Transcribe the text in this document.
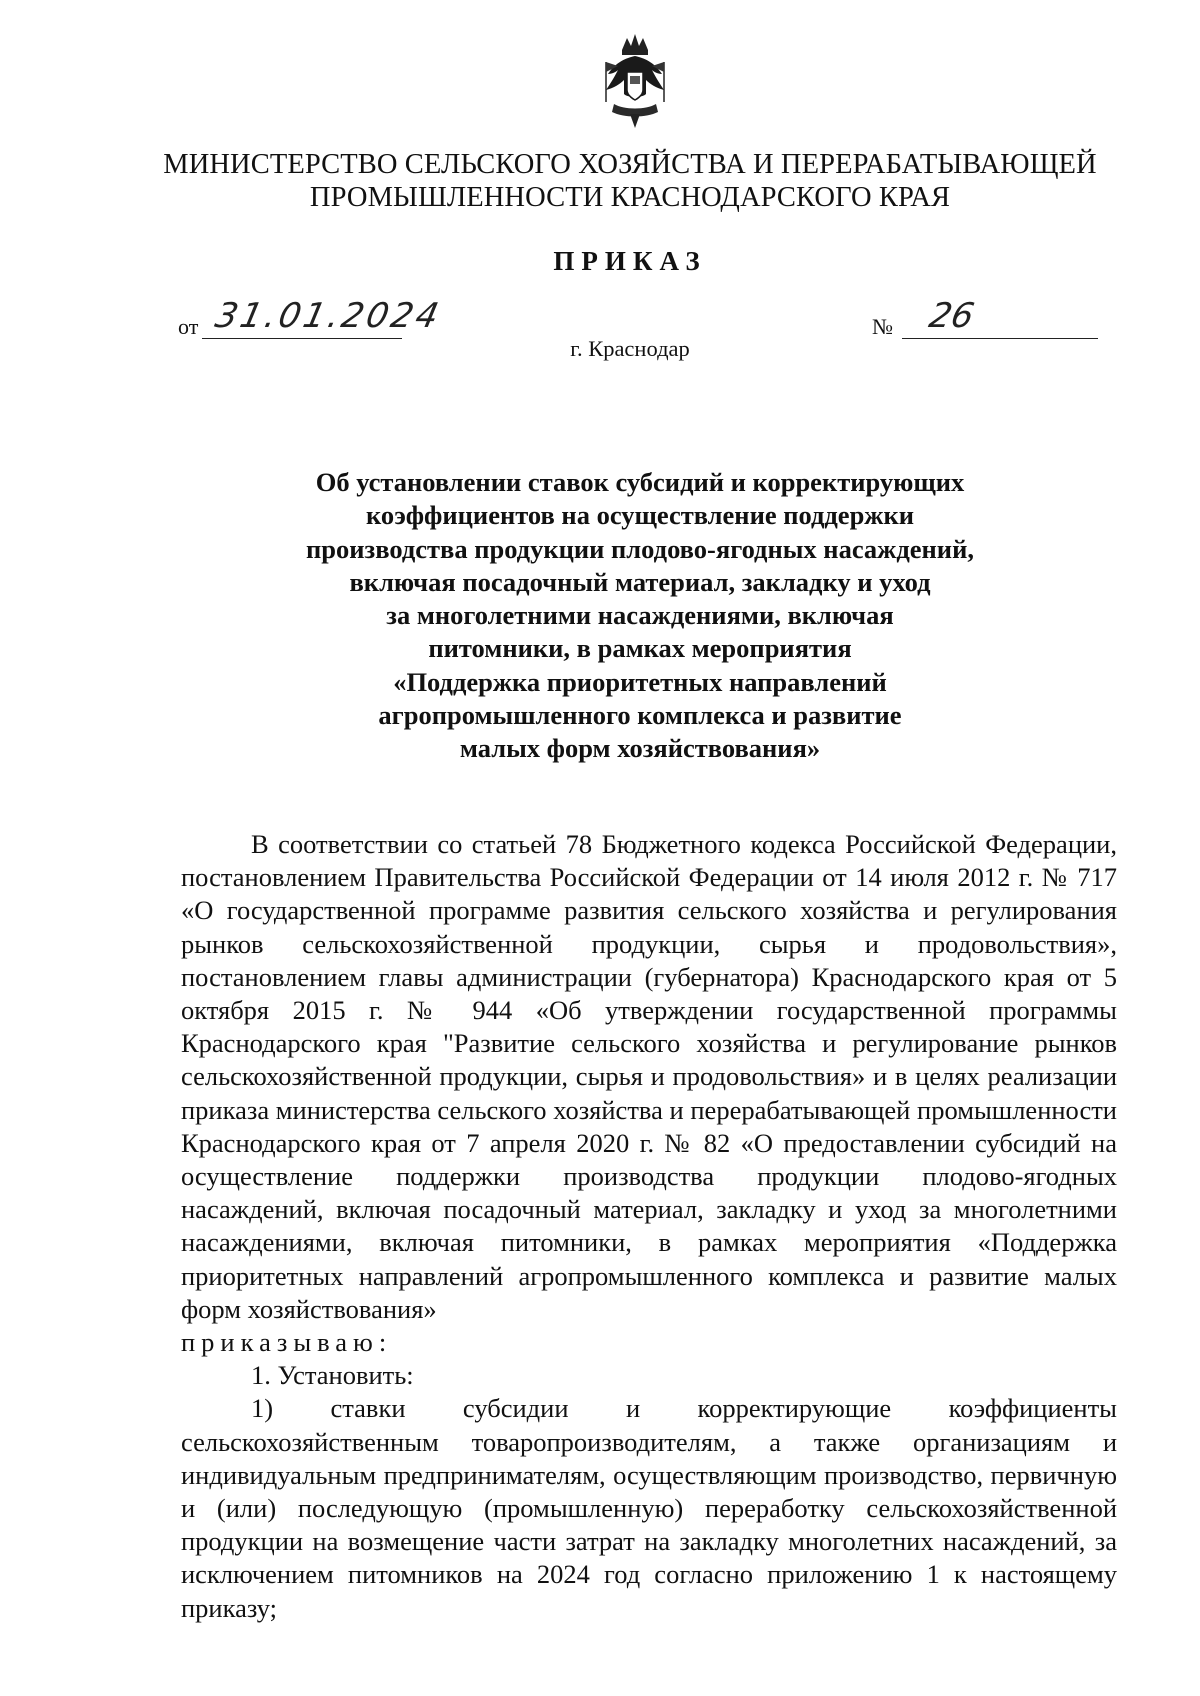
МИНИСТЕРСТВО СЕЛЬСКОГО ХОЗЯЙСТВА И ПЕРЕРАБАТЫВАЮЩЕЙ
ПРОМЫШЛЕННОСТИ КРАСНОДАРСКОГО КРАЯ
ПРИКАЗ
от 31.01.2024	№ 26
г. Краснодар
Об установлении ставок субсидий и корректирующих
коэффициентов на осуществление поддержки
производства продукции плодово-ягодных насаждений,
включая посадочный материал, закладку и уход
за многолетними насаждениями, включая
питомники, в рамках мероприятия
«Поддержка приоритетных направлений
агропромышленного комплекса и развитие
малых форм хозяйствования»

В соответствии со статьей 78 Бюджетного кодекса Российской Федерации, постановлением Правительства Российской Федерации от 14 июля 2012 г. № 717 «О государственной программе развития сельского хозяйства и регулирования рынков сельскохозяйственной продукции, сырья и продовольствия», постановлением главы администрации (губернатора) Краснодарского края от 5 октября 2015 г. № 944 «Об утверждении государственной программы Краснодарского края "Развитие сельского хозяйства и регулирование рынков сельскохозяйственной продукции, сырья и продовольствия» и в целях реализации приказа министерства сельского хозяйства и перерабатывающей промышленности Краснодарского края от 7 апреля 2020 г. № 82 «О предоставлении субсидий на осуществление поддержки производства продукции плодово-ягодных насаждений, включая посадочный материал, закладку и уход за многолетними насаждениями, включая питомники, в рамках мероприятия «Поддержка приоритетных направлений агропромышленного комплекса и развитие малых форм хозяйствования»

приказываю:

1. Установить:

1) ставки субсидии и корректирующие коэффициенты сельскохозяйственным товаропроизводителям, а также организациям и индивидуальным предпринимателям, осуществляющим производство, первичную и (или) последующую (промышленную) переработку сельскохозяйственной продукции на возмещение части затрат на закладку многолетних насаждений, за исключением питомников на 2024 год согласно приложению 1 к настоящему приказу;
